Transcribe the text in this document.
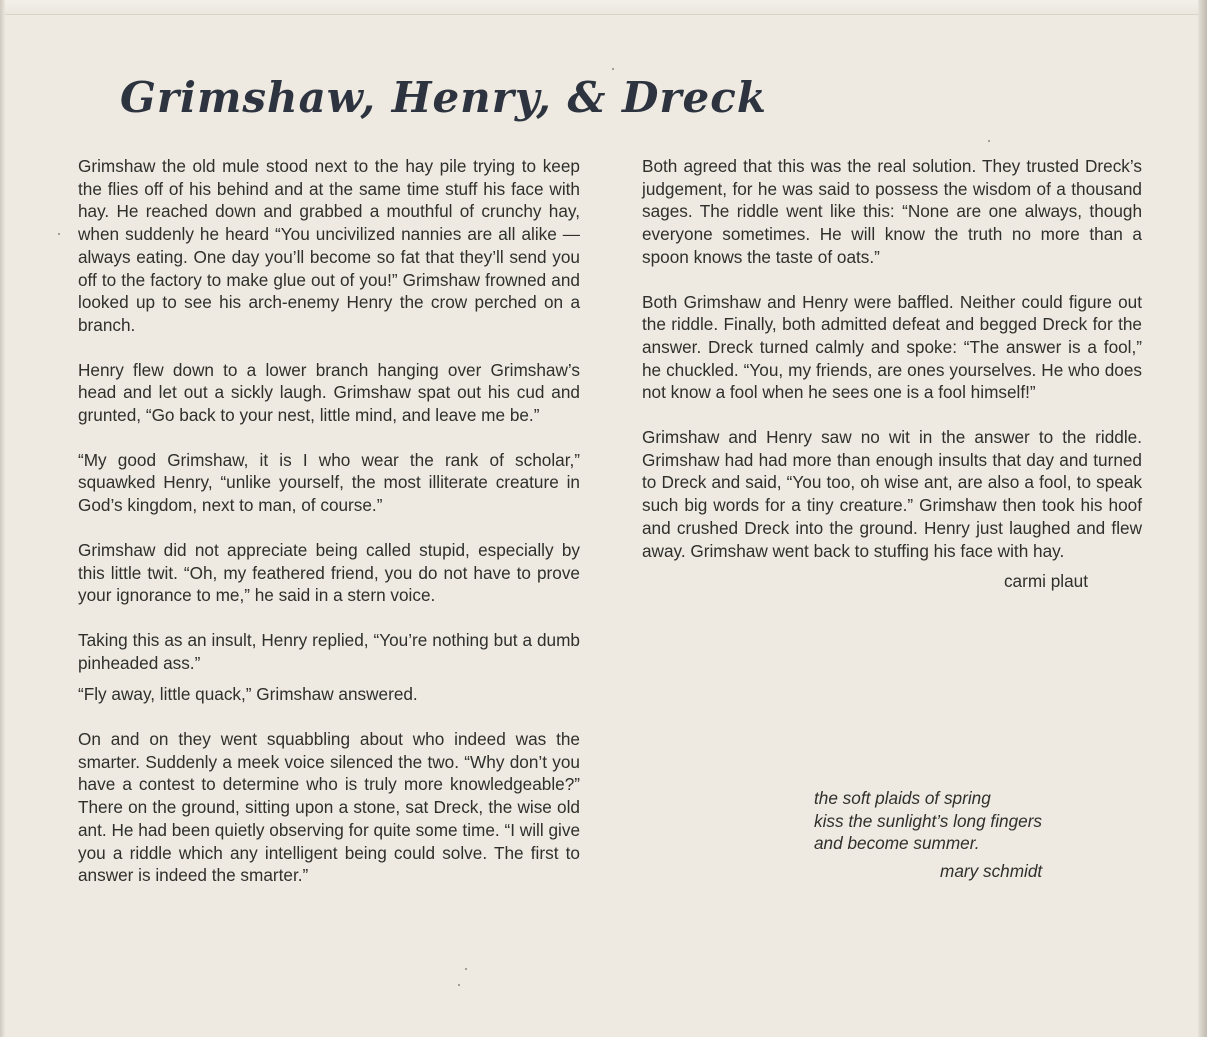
Grimshaw, Henry, & Dreck

Grimshaw the old mule stood next to the hay pile trying to keep the flies off of his behind and at the same time stuff his face with hay. He reached down and grabbed a mouthful of crunchy hay, when suddenly he heard “You uncivilized nannies are all alike — always eating. One day you’ll become so fat that they’ll send you off to the factory to make glue out of you!” Grimshaw frowned and looked up to see his arch-enemy Henry the crow perched on a branch.

Henry flew down to a lower branch hanging over Grimshaw’s head and let out a sickly laugh. Grimshaw spat out his cud and grunted, “Go back to your nest, little mind, and leave me be.”

“My good Grimshaw, it is I who wear the rank of scholar,” squawked Henry, “unlike yourself, the most illiterate creature in God’s kingdom, next to man, of course.”

Grimshaw did not appreciate being called stupid, especially by this little twit. “Oh, my feathered friend, you do not have to prove your ignorance to me,” he said in a stern voice.

Taking this as an insult, Henry replied, “You’re nothing but a dumb pinheaded ass.”

“Fly away, little quack,” Grimshaw answered.

On and on they went squabbling about who indeed was the smarter. Suddenly a meek voice silenced the two. “Why don’t you have a contest to determine who is truly more knowledgeable?” There on the ground, sitting upon a stone, sat Dreck, the wise old ant. He had been quietly observing for quite some time. “I will give you a riddle which any intelligent being could solve. The first to answer is indeed the smarter.”

Both agreed that this was the real solution. They trusted Dreck’s judgement, for he was said to possess the wisdom of a thousand sages. The riddle went like this: “None are one always, though everyone sometimes. He will know the truth no more than a spoon knows the taste of oats.”

Both Grimshaw and Henry were baffled. Neither could figure out the riddle. Finally, both admitted defeat and begged Dreck for the answer. Dreck turned calmly and spoke: “The answer is a fool,” he chuckled. “You, my friends, are ones yourselves. He who does not know a fool when he sees one is a fool himself!”

Grimshaw and Henry saw no wit in the answer to the riddle. Grimshaw had had more than enough insults that day and turned to Dreck and said, “You too, oh wise ant, are also a fool, to speak such big words for a tiny creature.” Grimshaw then took his hoof and crushed Dreck into the ground. Henry just laughed and flew away. Grimshaw went back to stuffing his face with hay.

carmi plaut

the soft plaids of spring
kiss the sunlight’s long fingers
and become summer.
mary schmidt
